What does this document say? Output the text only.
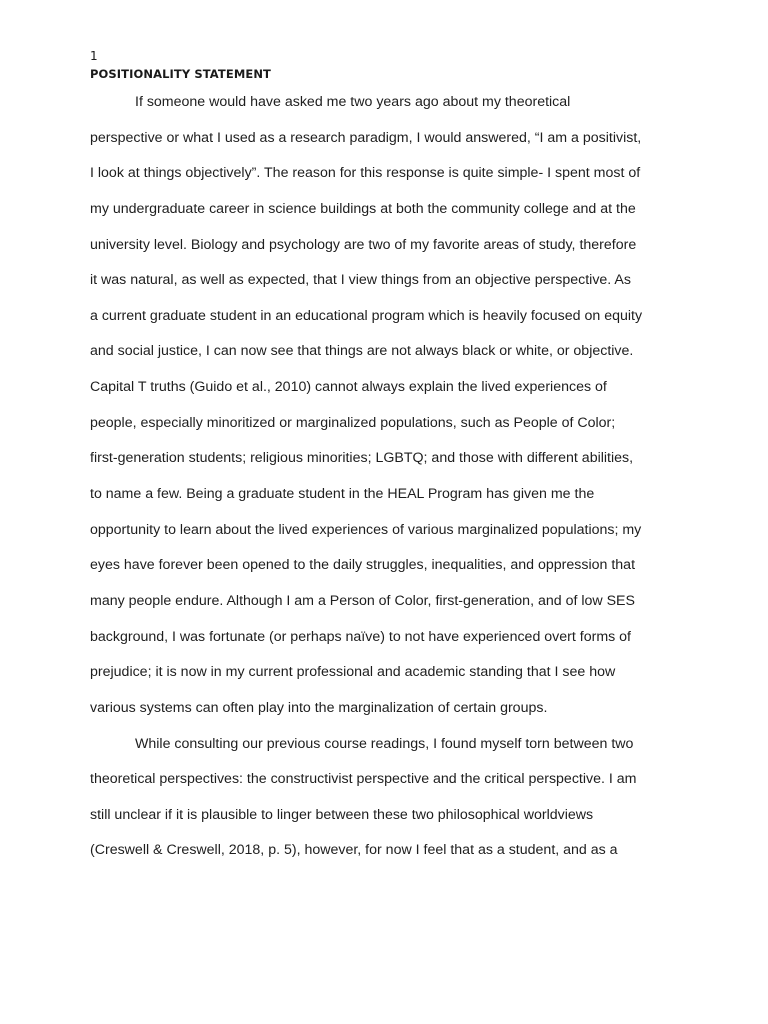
1
POSITIONALITY STATEMENT
If someone would have asked me two years ago about my theoretical
perspective or what I used as a research paradigm, I would answered, “I am a positivist,
I look at things objectively”. The reason for this response is quite simple- I spent most of
my undergraduate career in science buildings at both the community college and at the
university level. Biology and psychology are two of my favorite areas of study, therefore
it was natural, as well as expected, that I view things from an objective perspective. As
a current graduate student in an educational program which is heavily focused on equity
and social justice, I can now see that things are not always black or white, or objective.
Capital T truths (Guido et al., 2010) cannot always explain the lived experiences of
people, especially minoritized or marginalized populations, such as People of Color;
first-generation students; religious minorities; LGBTQ; and those with different abilities,
to name a few. Being a graduate student in the HEAL Program has given me the
opportunity to learn about the lived experiences of various marginalized populations; my
eyes have forever been opened to the daily struggles, inequalities, and oppression that
many people endure. Although I am a Person of Color, first-generation, and of low SES
background, I was fortunate (or perhaps naïve) to not have experienced overt forms of
prejudice; it is now in my current professional and academic standing that I see how
various systems can often play into the marginalization of certain groups.
While consulting our previous course readings, I found myself torn between two
theoretical perspectives: the constructivist perspective and the critical perspective. I am
still unclear if it is plausible to linger between these two philosophical worldviews
(Creswell & Creswell, 2018, p. 5), however, for now I feel that as a student, and as a
